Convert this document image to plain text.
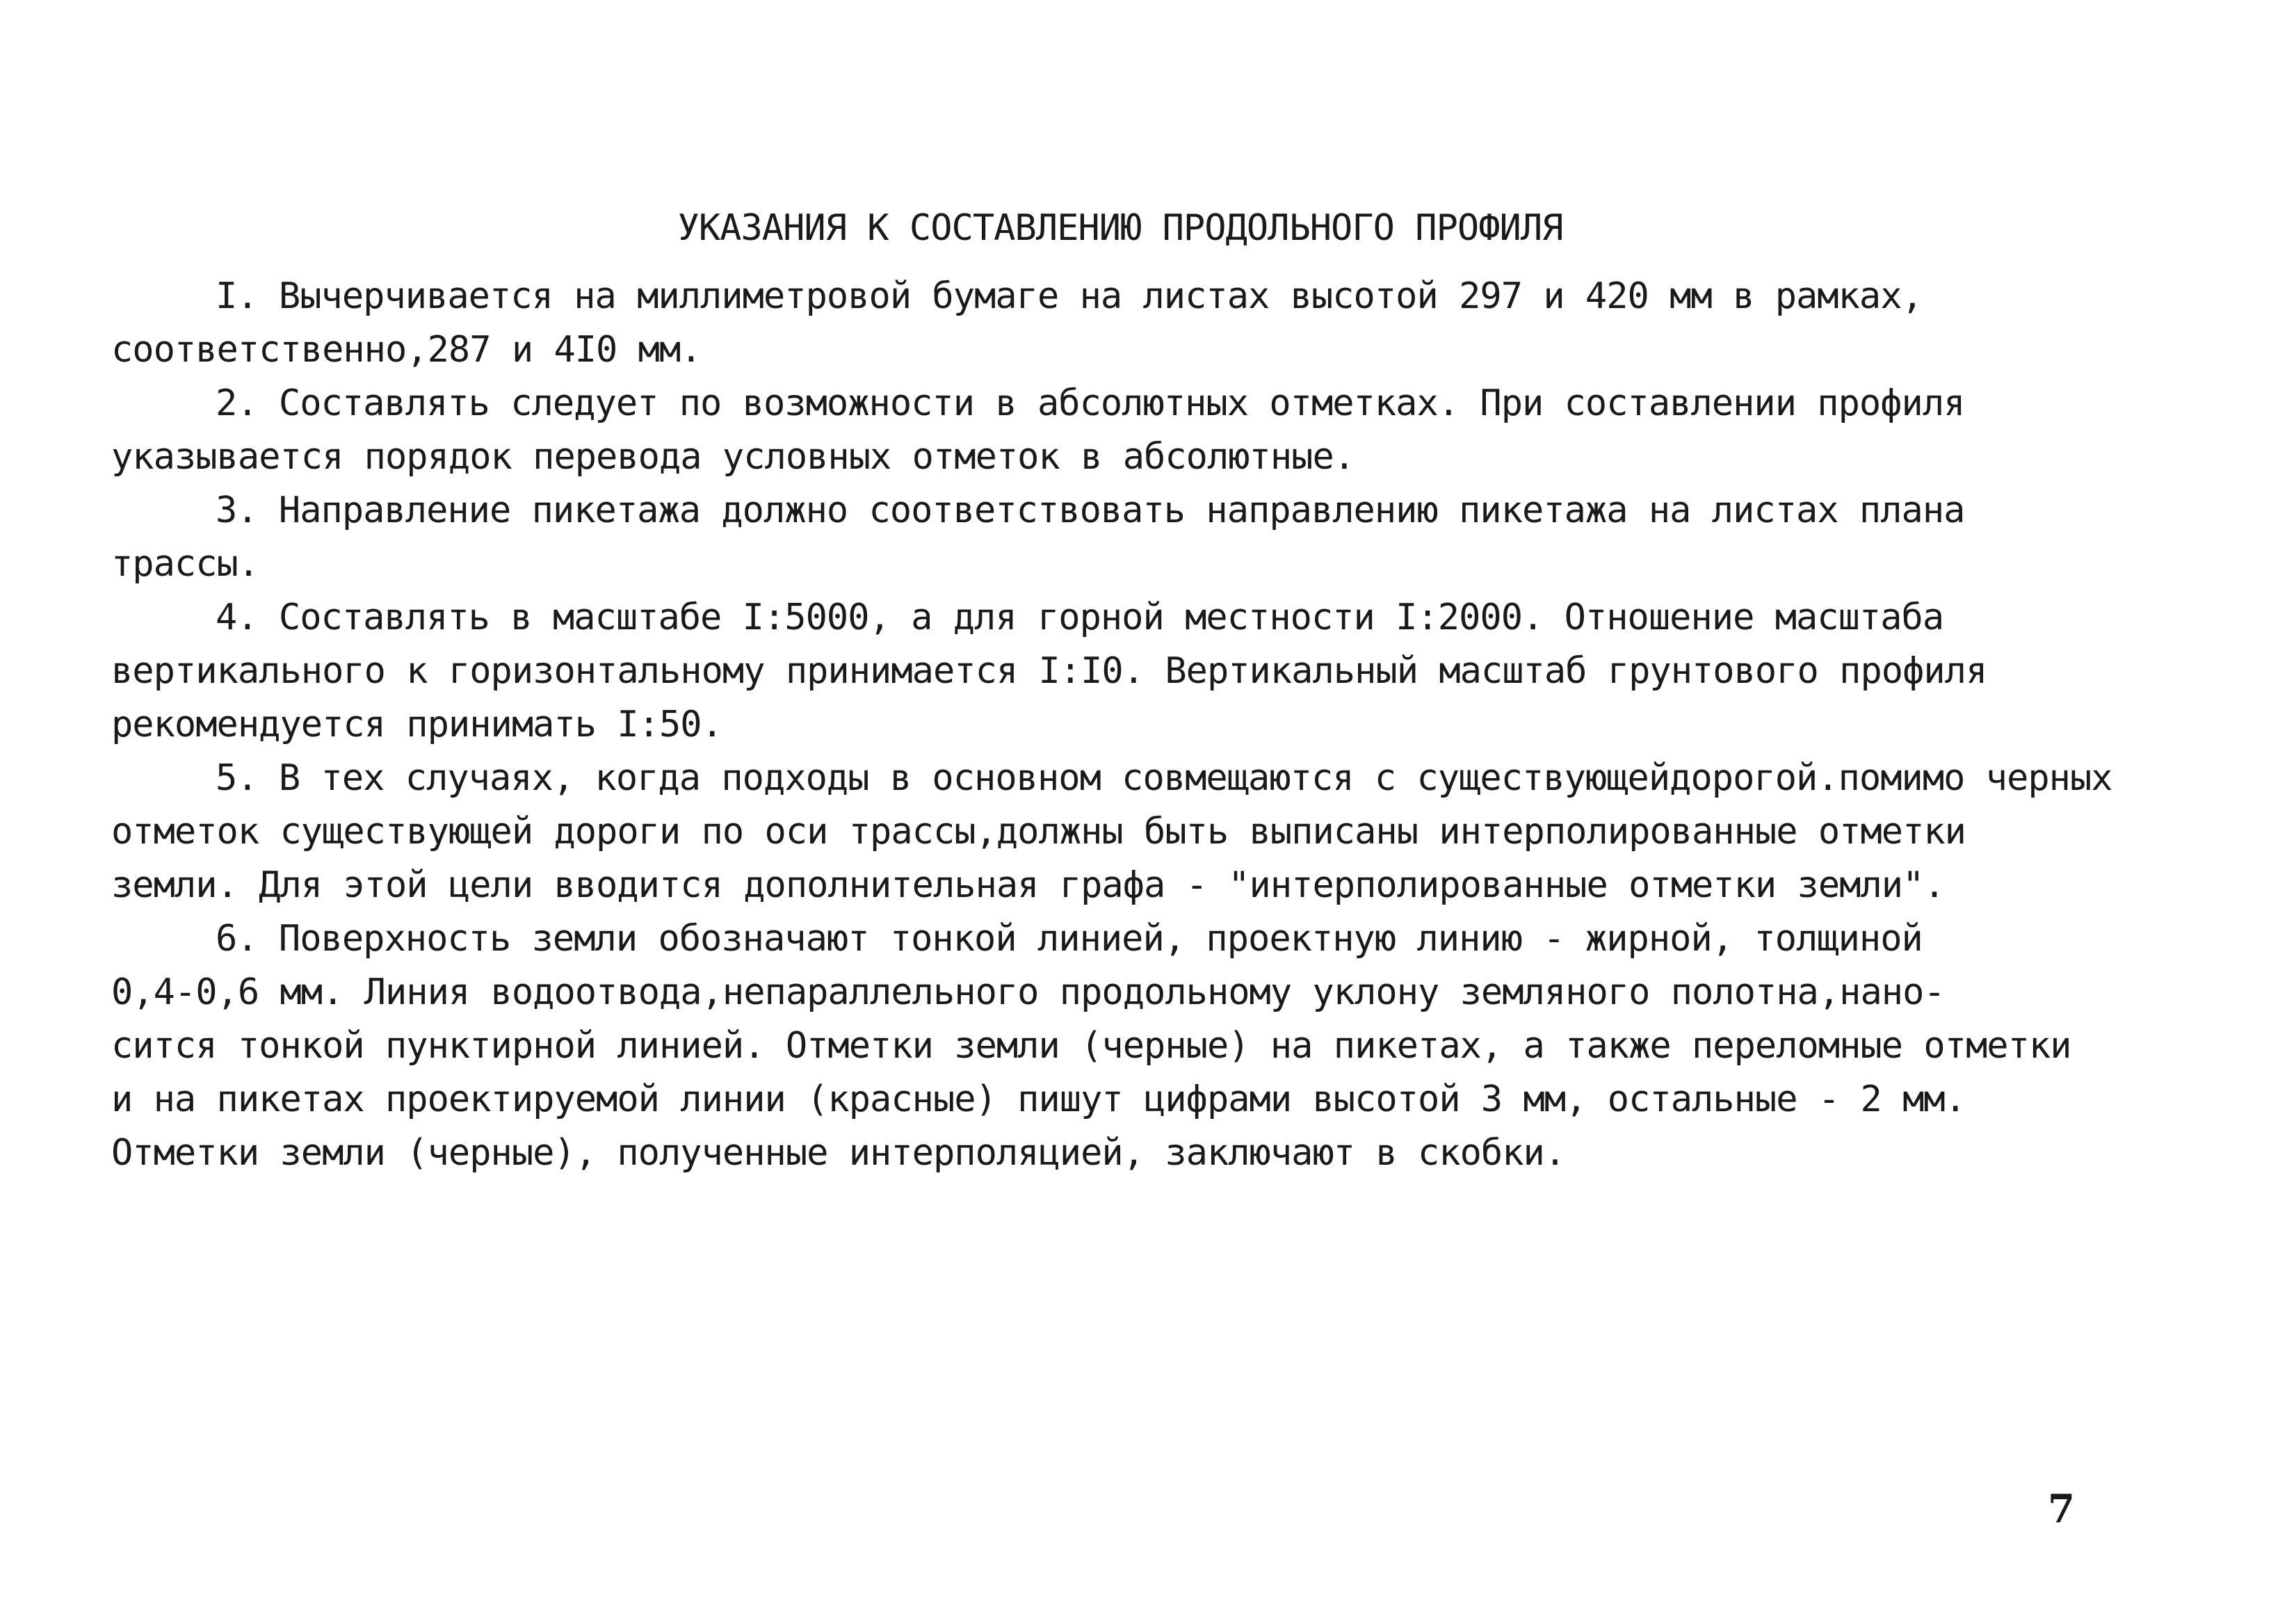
УКАЗАНИЯ К СОСТАВЛЕНИЮ ПРОДОЛЬНОГО ПРОФИЛЯ
I. Вычерчивается на миллиметровой бумаге на листах высотой 297 и 420 мм в рамках,
соответственно,287 и 4I0 мм.
2. Составлять следует по возможности в абсолютных отметках. При составлении профиля
указывается порядок перевода условных отметок в абсолютные.
3. Направление пикетажа должно соответствовать направлению пикетажа на листах плана
трассы.
4. Составлять в масштабе I:5000, а для горной местности I:2000. Отношение масштаба
вертикального к горизонтальному принимается I:I0. Вертикальный масштаб грунтового профиля
рекомендуется принимать I:50.
5. В тех случаях, когда подходы в основном совмещаются с существующейдорогой.помимо черных
отметок существующей дороги по оси трассы,должны быть выписаны интерполированные отметки
земли. Для этой цели вводится дополнительная графа - "интерполированные отметки земли".
6. Поверхность земли обозначают тонкой линией, проектную линию - жирной, толщиной
0,4-0,6 мм. Линия водоотвода,непараллельного продольному уклону земляного полотна,нано-
сится тонкой пунктирной линией. Отметки земли (черные) на пикетах, а также переломные отметки
и на пикетах проектируемой линии (красные) пишут цифрами высотой 3 мм, остальные - 2 мм.
Отметки земли (черные), полученные интерполяцией, заключают в скобки.
7
